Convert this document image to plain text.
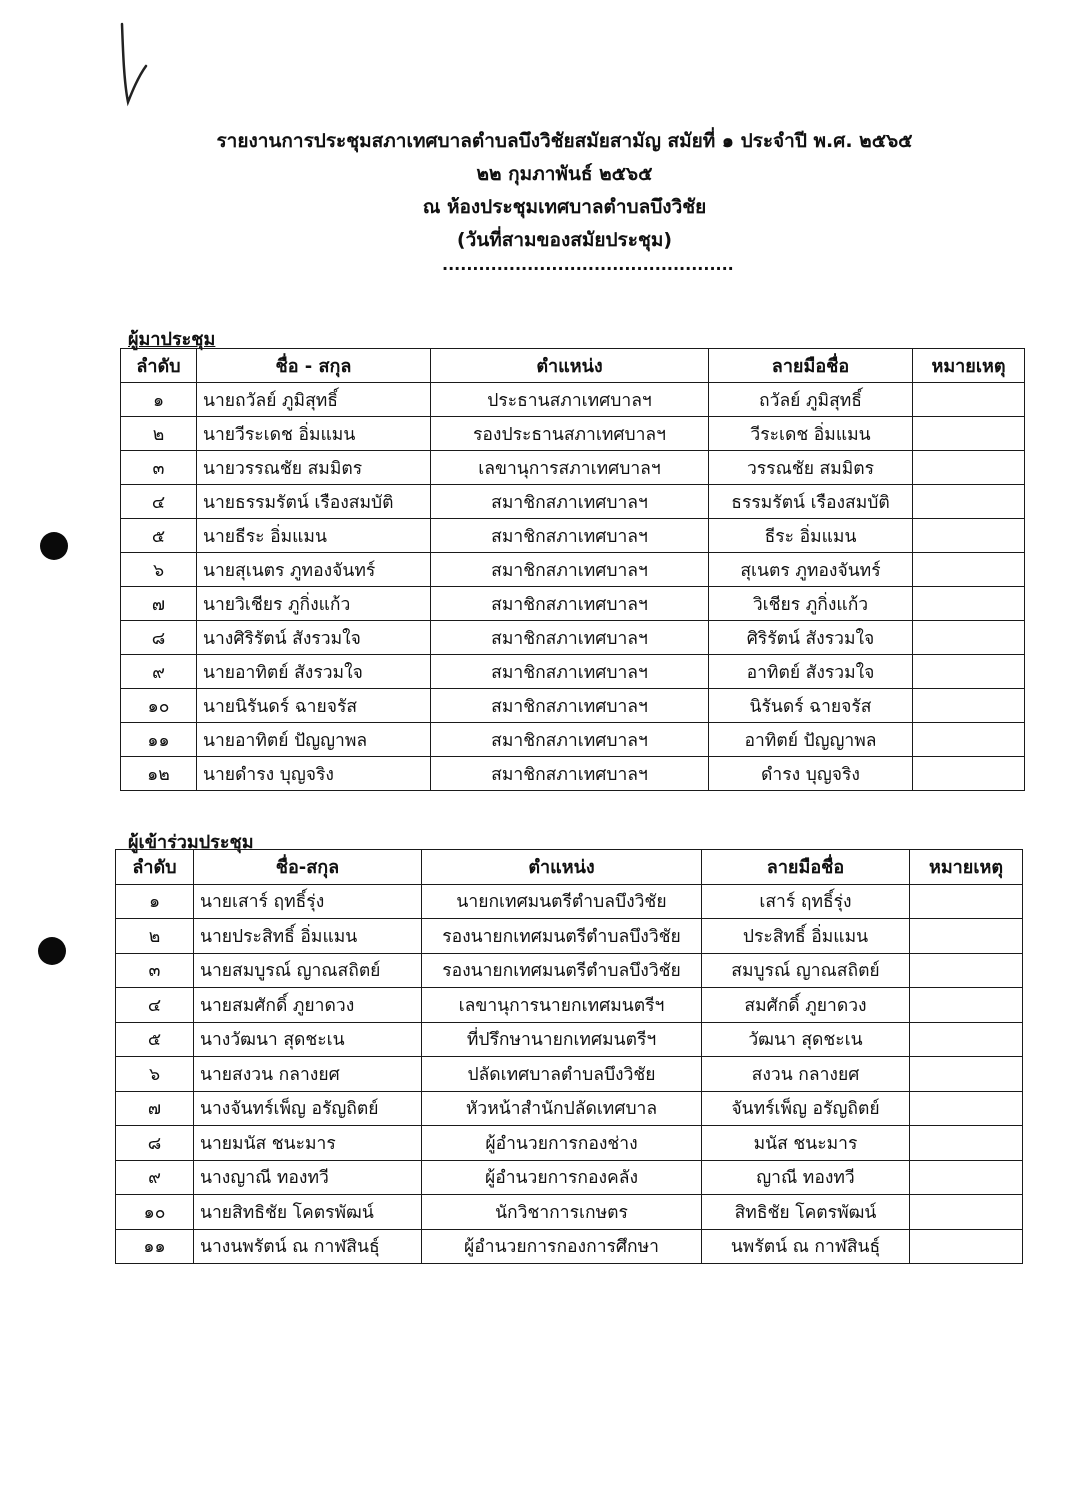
รายงานการประชุมสภาเทศบาลตำบลบึงวิชัยสมัยสามัญ สมัยที่ ๑ ประจำปี พ.ศ. ๒๕๖๕
๒๒ กุมภาพันธ์ ๒๕๖๕
ณ ห้องประชุมเทศบาลตำบลบึงวิชัย
(วันที่สามของสมัยประชุม)
................................................
ผู้มาประชุม
ลำดับ	ชื่อ - สกุล	ตำแหน่ง	ลายมือชื่อ	หมายเหตุ
๑	นายถวัลย์ ภูมิสุทธิ์	ประธานสภาเทศบาลฯ	ถวัลย์ ภูมิสุทธิ์	
๒	นายวีระเดช อิ่มแมน	รองประธานสภาเทศบาลฯ	วีระเดช อิ่มแมน	
๓	นายวรรณชัย สมมิตร	เลขานุการสภาเทศบาลฯ	วรรณชัย สมมิตร	
๔	นายธรรมรัตน์ เรืองสมบัติ	สมาชิกสภาเทศบาลฯ	ธรรมรัตน์ เรืองสมบัติ	
๕	นายธีระ อิ่มแมน	สมาชิกสภาเทศบาลฯ	ธีระ อิ่มแมน	
๖	นายสุเนตร ภูทองจันทร์	สมาชิกสภาเทศบาลฯ	สุเนตร ภูทองจันทร์	
๗	นายวิเชียร ภูกิ่งแก้ว	สมาชิกสภาเทศบาลฯ	วิเชียร ภูกิ่งแก้ว	
๘	นางศิริรัตน์ สังรวมใจ	สมาชิกสภาเทศบาลฯ	ศิริรัตน์ สังรวมใจ	
๙	นายอาทิตย์ สังรวมใจ	สมาชิกสภาเทศบาลฯ	อาทิตย์ สังรวมใจ	
๑๐	นายนิรันดร์ ฉายจรัส	สมาชิกสภาเทศบาลฯ	นิรันดร์ ฉายจรัส	
๑๑	นายอาทิตย์ ปัญญาพล	สมาชิกสภาเทศบาลฯ	อาทิตย์ ปัญญาพล	
๑๒	นายดำรง บุญจริง	สมาชิกสภาเทศบาลฯ	ดำรง บุญจริง	
ผู้เข้าร่วมประชุม
ลำดับ	ชื่อ-สกุล	ตำแหน่ง	ลายมือชื่อ	หมายเหตุ
๑	นายเสาร์ ฤทธิ์รุ่ง	นายกเทศมนตรีตำบลบึงวิชัย	เสาร์ ฤทธิ์รุ่ง	
๒	นายประสิทธิ์ อิ่มแมน	รองนายกเทศมนตรีตำบลบึงวิชัย	ประสิทธิ์ อิ่มแมน	
๓	นายสมบูรณ์ ญาณสถิตย์	รองนายกเทศมนตรีตำบลบึงวิชัย	สมบูรณ์ ญาณสถิตย์	
๔	นายสมศักดิ์ ภูยาดวง	เลขานุการนายกเทศมนตรีฯ	สมศักดิ์ ภูยาดวง	
๕	นางวัฒนา สุดชะเน	ที่ปรึกษานายกเทศมนตรีฯ	วัฒนา สุดชะเน	
๖	นายสงวน กลางยศ	ปลัดเทศบาลตำบลบึงวิชัย	สงวน กลางยศ	
๗	นางจันทร์เพ็ญ อรัญถิตย์	หัวหน้าสำนักปลัดเทศบาล	จันทร์เพ็ญ อรัญถิตย์	
๘	นายมนัส ชนะมาร	ผู้อำนวยการกองช่าง	มนัส ชนะมาร	
๙	นางญาณี ทองทวี	ผู้อำนวยการกองคลัง	ญาณี ทองทวี	
๑๐	นายสิทธิชัย โคตรพัฒน์	นักวิชาการเกษตร	สิทธิชัย โคตรพัฒน์	
๑๑	นางนพรัตน์ ณ กาฬสินธุ์	ผู้อำนวยการกองการศึกษา	นพรัตน์ ณ กาฬสินธุ์	
